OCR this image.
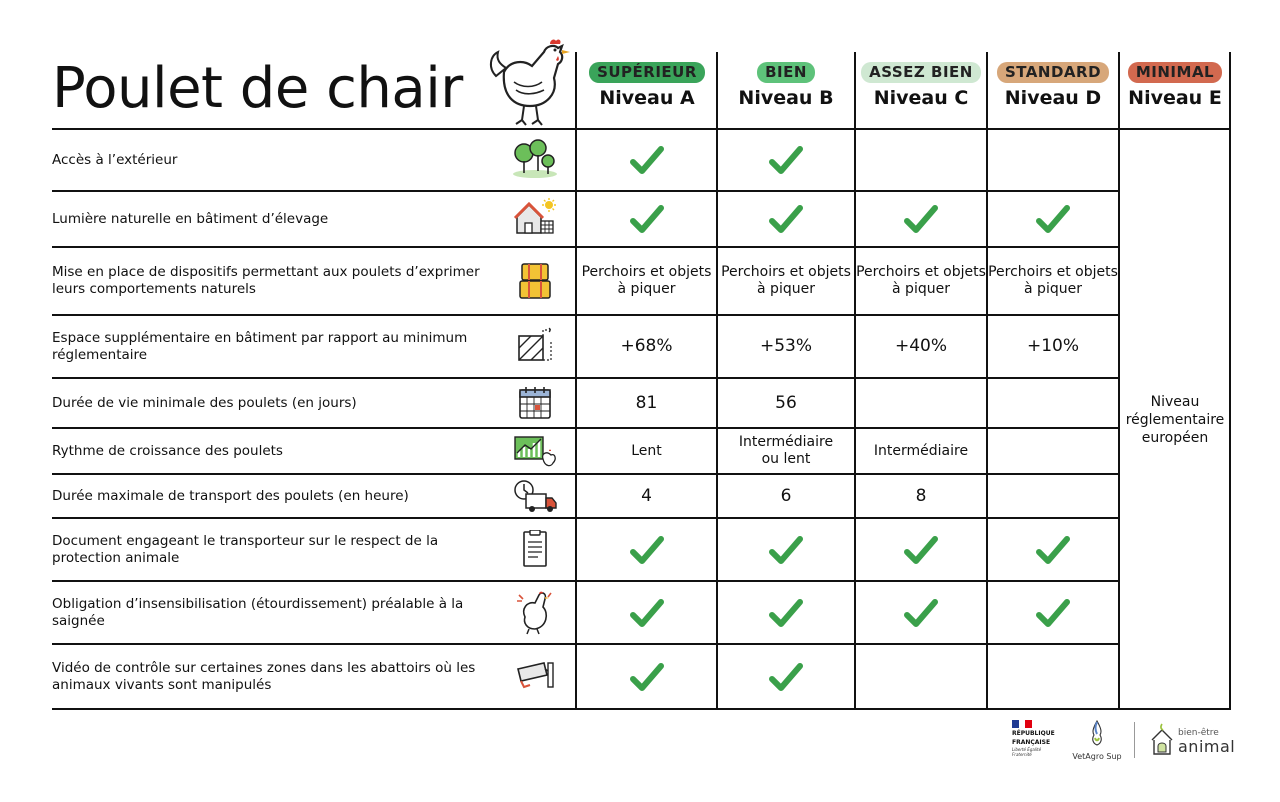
Poulet de chair	SUPÉRIEUR
Niveau A
BIEN
Niveau B
ASSEZ BIEN
Niveau C
STANDARD
Niveau D
MINIMAL
Niveau E
Accès à l’extérieur
Lumière naturelle en bâtiment d’élevage
Mise en place de dispositifs permettant aux poulets d’exprimer leurs comportements naturels
Espace supplémentaire en bâtiment par rapport au minimum réglementaire
Durée de vie minimale des poulets (en jours)
Rythme de croissance des poulets
Durée maximale de transport des poulets (en heure)
Document engageant le transporteur sur le respect de la protection animale
Obligation d’insensibilisation (étourdissement) préalable à la saignée
Vidéo de contrôle sur certaines zones dans les abattoirs où les animaux vivants sont manipulés
Perchoirs et objets à piquer
+68%
81
Lent
4
Perchoirs et objets à piquer
+53%
56
Intermédiaire ou lent
6
Perchoirs et objets à piquer
+40%
Intermédiaire
8
Perchoirs et objets à piquer
+10%
Niveau réglementaire européen
RÉPUBLIQUE
FRANÇAISE
Liberté Égalité Fraternité	VetAgro Sup
bien-être
animal
